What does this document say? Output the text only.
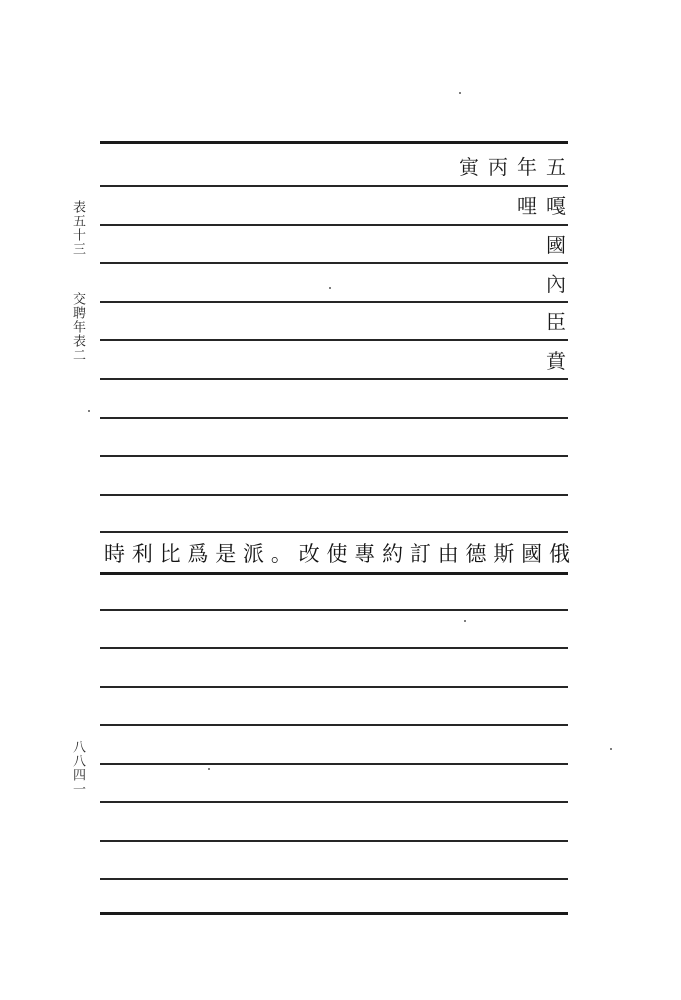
表五十三
交聘年表二
八八四一
寅丙年五
哩嘎
國
內
臣
賁
時利比爲是派。改使專約訂由德斯國俄
